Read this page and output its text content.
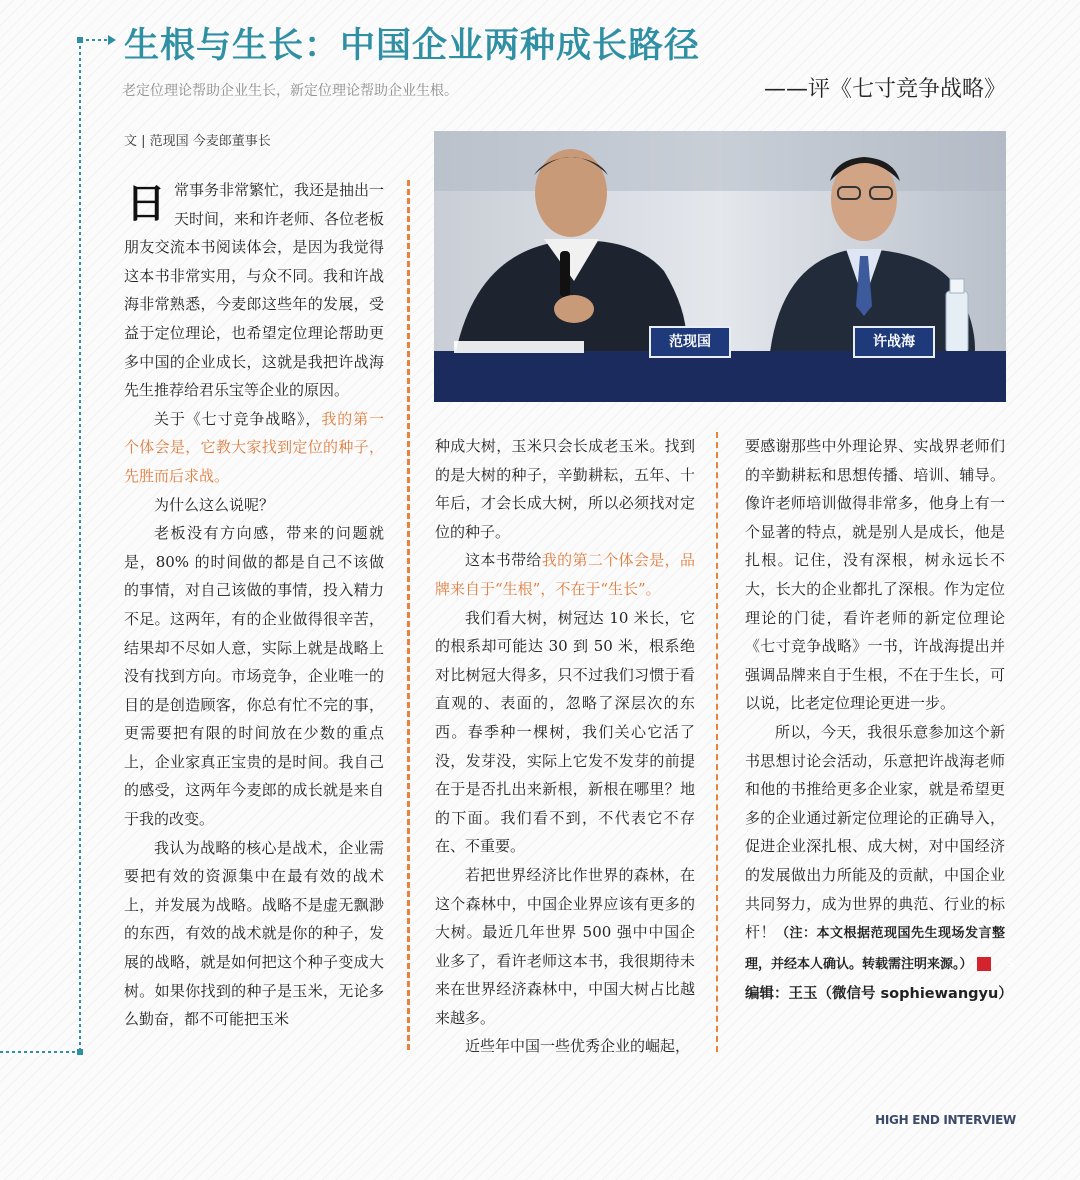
生根与生长：中国企业两种成长路径
老定位理论帮助企业生长，新定位理论帮助企业生根。	——评《七寸竞争战略》
文 | 范现国 今麦郎董事长
范现国	许战海

日常事务非常繁忙，我还是抽出一天时间，来和许老师、各位老板朋友交流本书阅读体会，是因为我觉得这本书非常实用，与众不同。我和许战海非常熟悉，今麦郎这些年的发展，受益于定位理论，也希望定位理论帮助更多中国的企业成长，这就是我把许战海先生推荐给君乐宝等企业的原因。

关于《七寸竞争战略》，我的第一个体会是，它教大家找到定位的种子，先胜而后求战。

为什么这么说呢？

老板没有方向感，带来的问题就是，80% 的时间做的都是自己不该做的事情，对自己该做的事情，投入精力不足。这两年，有的企业做得很辛苦，结果却不尽如人意，实际上就是战略上没有找到方向。市场竞争，企业唯一的目的是创造顾客，你总有忙不完的事，更需要把有限的时间放在少数的重点上，企业家真正宝贵的是时间。我自己的感受，这两年今麦郎的成长就是来自于我的改变。

我认为战略的核心是战术，企业需要把有效的资源集中在最有效的战术上，并发展为战略。战略不是虚无飘渺的东西，有效的战术就是你的种子，发展的战略，就是如何把这个种子变成大树。如果你找到的种子是玉米，无论多么勤奋，都不可能把玉米

种成大树，玉米只会长成老玉米。找到的是大树的种子，辛勤耕耘，五年、十年后，才会长成大树，所以必须找对定位的种子。

这本书带给我的第二个体会是，品牌来自于“生根”，不在于“生长”。

我们看大树，树冠达 10 米长，它的根系却可能达 30 到 50 米，根系绝对比树冠大得多，只不过我们习惯于看直观的、表面的，忽略了深层次的东西。春季种一棵树，我们关心它活了没，发芽没，实际上它发不发芽的前提在于是否扎出来新根，新根在哪里？地的下面。我们看不到，不代表它不存在、不重要。

若把世界经济比作世界的森林，在这个森林中，中国企业界应该有更多的大树。最近几年世界 500 强中中国企业多了，看许老师这本书，我很期待未来在世界经济森林中，中国大树占比越来越多。

近些年中国一些优秀企业的崛起，

要感谢那些中外理论界、实战界老师们的辛勤耕耘和思想传播、培训、辅导。像许老师培训做得非常多，他身上有一个显著的特点，就是别人是成长，他是扎根。记住，没有深根，树永远长不大，长大的企业都扎了深根。作为定位理论的门徒，看许老师的新定位理论《七寸竞争战略》一书，许战海提出并强调品牌来自于生根，不在于生长，可以说，比老定位理论更进一步。

所以，今天，我很乐意参加这个新书思想讨论会活动，乐意把许战海老师和他的书推给更多企业家，就是希望更多的企业通过新定位理论的正确导入，促进企业深扎根、成大树，对中国经济的发展做出力所能及的贡献，中国企业共同努力，成为世界的典范、行业的标杆！（注：本文根据范现国先生现场发言整理，并经本人确认。转载需注明来源。）	S

编辑：王玉（微信号 sophiewangyu）

HIGH END INTERVIEW
